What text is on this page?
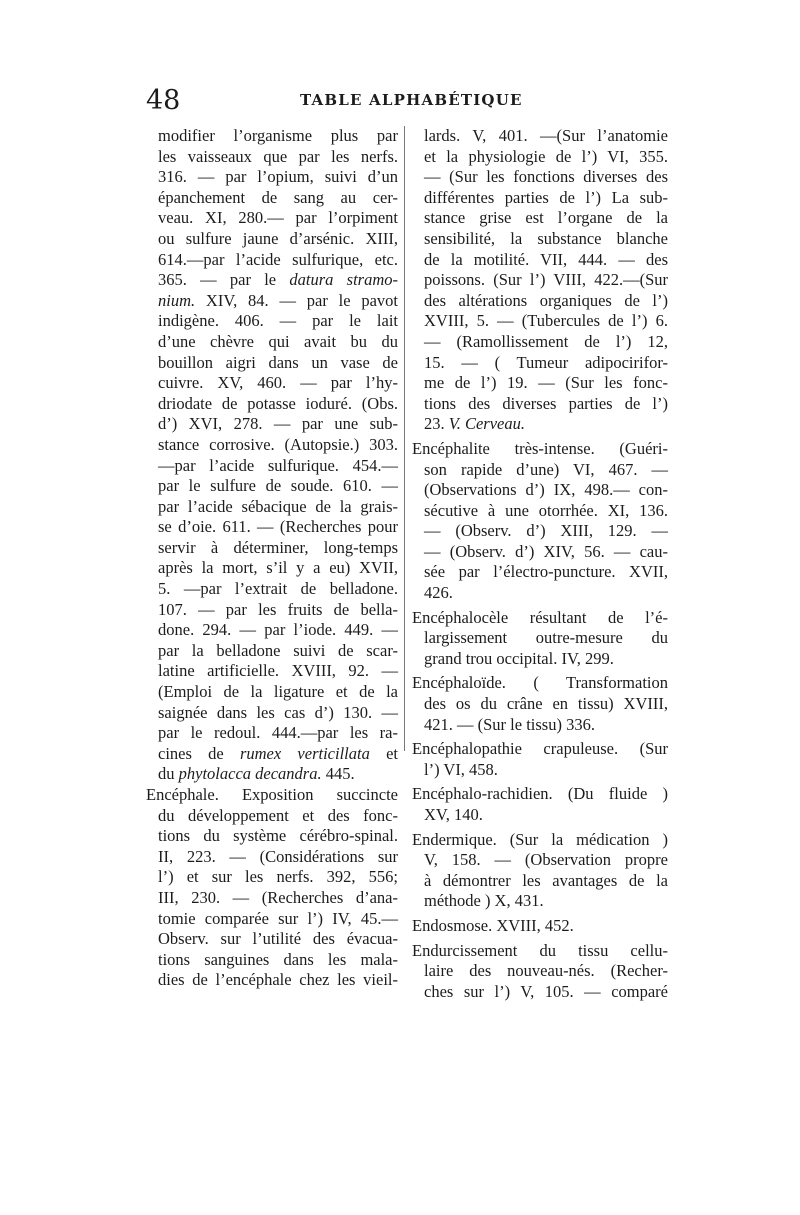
48	TABLE ALPHABÉTIQUE
modifier l’organisme plus par
les vaisseaux que par les nerfs.
316. — par l’opium, suivi d’un
épanchement de sang au cer-
veau. XI, 280.— par l’orpiment
ou sulfure jaune d’arsénic. XIII,
614.—par l’acide sulfurique, etc.
365. — par le datura stramo-
nium. XIV, 84. — par le pavot
indigène. 406. — par le lait
d’une chèvre qui avait bu du
bouillon aigri dans un vase de
cuivre. XV, 460. — par l’hy-
driodate de potasse ioduré. (Obs.
d’) XVI, 278. — par une sub-
stance corrosive. (Autopsie.) 303.
—par l’acide sulfurique. 454.—
par le sulfure de soude. 610. —
par l’acide sébacique de la grais-
se d’oie. 611. — (Recherches pour
servir à déterminer, long-temps
après la mort, s’il y a eu) XVII,
5. —par l’extrait de belladone.
107. — par les fruits de bella-
done. 294. — par l’iode. 449. —
par la belladone suivi de scar-
latine artificielle. XVIII, 92. —
(Emploi de la ligature et de la
saignée dans les cas d’) 130. —
par le redoul. 444.—par les ra-
cines de rumex verticillata et
du phytolacca decandra. 445.
Encéphale. Exposition succincte
du développement et des fonc-
tions du système cérébro-spinal.
II, 223. — (Considérations sur
l’) et sur les nerfs. 392, 556;
III, 230. — (Recherches d’ana-
tomie comparée sur l’) IV, 45.—
Observ. sur l’utilité des évacua-
tions sanguines dans les mala-
dies de l’encéphale chez les vieil-
lards. V, 401. —(Sur l’anatomie
et la physiologie de l’) VI, 355.
— (Sur les fonctions diverses des
différentes parties de l’) La sub-
stance grise est l’organe de la
sensibilité, la substance blanche
de la motilité. VII, 444. — des
poissons. (Sur l’) VIII, 422.—(Sur
des altérations organiques de l’)
XVIII, 5. — (Tubercules de l’) 6.
— (Ramollissement de l’) 12,
15. — ( Tumeur adipocirifor-
me de l’) 19. — (Sur les fonc-
tions des diverses parties de l’)
23. V. Cerveau.
Encéphalite très-intense. (Guéri-
son rapide d’une) VI, 467. —
(Observations d’) IX, 498.— con-
sécutive à une otorrhée. XI, 136.
— (Observ. d’) XIII, 129. —
— (Observ. d’) XIV, 56. — cau-
sée par l’électro-puncture. XVII,
426.
Encéphalocèle résultant de l’é-
largissement outre-mesure du
grand trou occipital. IV, 299.
Encéphaloïde. ( Transformation
des os du crâne en tissu) XVIII,
421. — (Sur le tissu) 336.
Encéphalopathie crapuleuse. (Sur
l’) VI, 458.
Encéphalo-rachidien. (Du fluide )
XV, 140.
Endermique. (Sur la médication )
V, 158. — (Observation propre
à démontrer les avantages de la
méthode ) X, 431.
Endosmose. XVIII, 452.
Endurcissement du tissu cellu-
laire des nouveau-nés. (Recher-
ches sur l’) V, 105. — comparé
